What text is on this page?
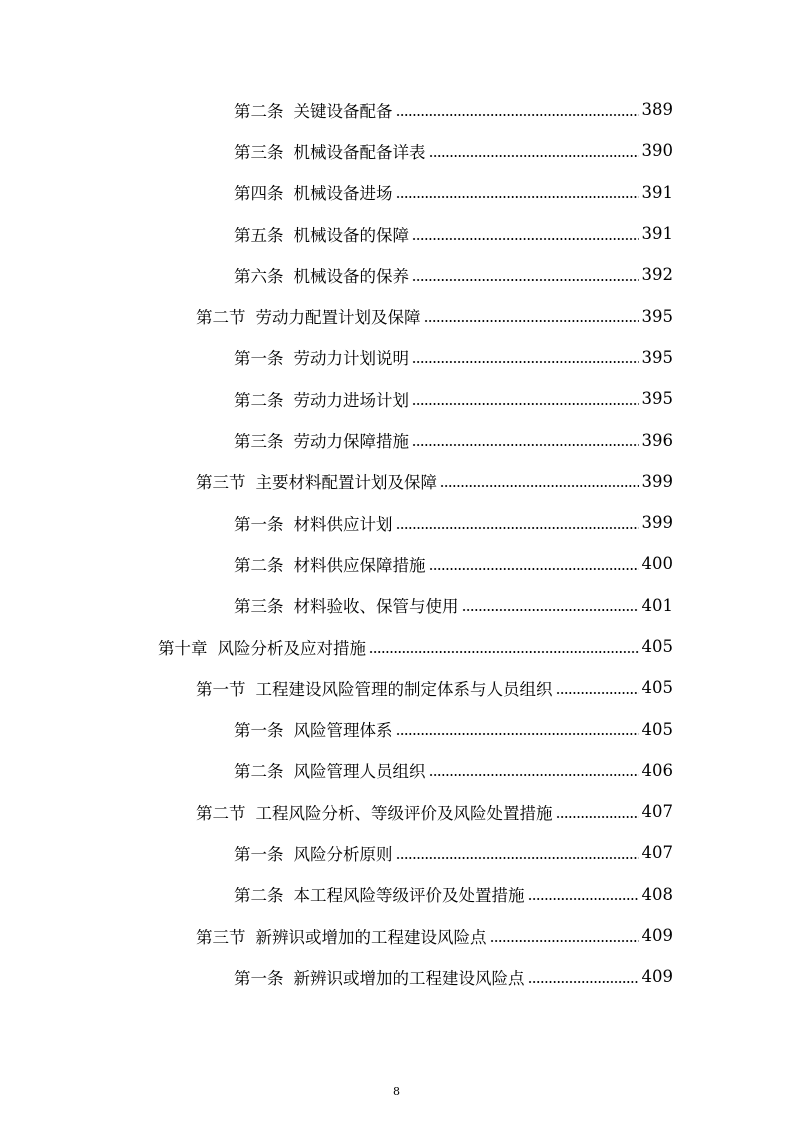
第二条 关键设备配备	389
第三条 机械设备配备详表	390
第四条 机械设备进场	391
第五条 机械设备的保障	391
第六条 机械设备的保养	392
第二节 劳动力配置计划及保障	395
第一条 劳动力计划说明	395
第二条 劳动力进场计划	395
第三条 劳动力保障措施	396
第三节 主要材料配置计划及保障	399
第一条 材料供应计划	399
第二条 材料供应保障措施	400
第三条 材料验收、保管与使用	401
第十章 风险分析及应对措施	405
第一节 工程建设风险管理的制定体系与人员组织	405
第一条 风险管理体系	405
第二条 风险管理人员组织	406
第二节 工程风险分析、等级评价及风险处置措施	407
第一条 风险分析原则	407
第二条 本工程风险等级评价及处置措施	408
第三节 新辨识或增加的工程建设风险点	409
第一条 新辨识或增加的工程建设风险点	409
8
